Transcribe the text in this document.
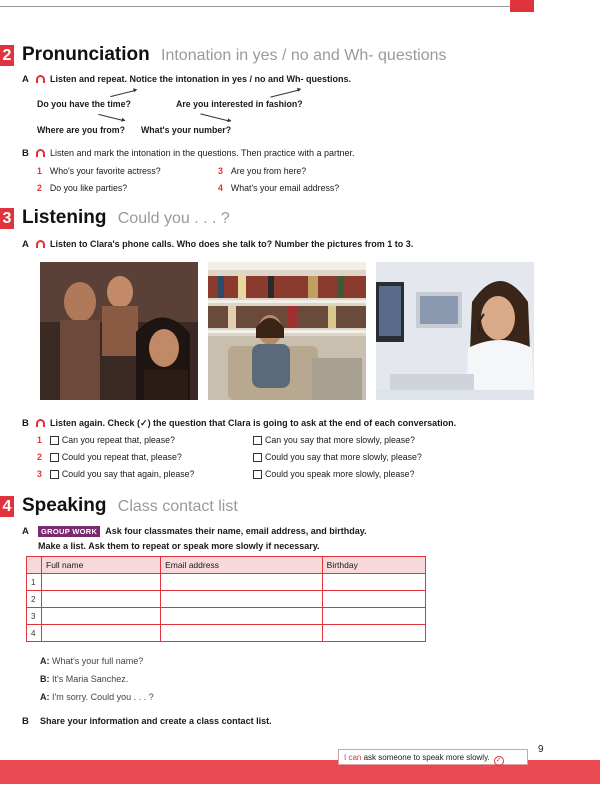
2 Pronunciation Intonation in yes / no and Wh- questions
A	Listen and repeat. Notice the intonation in yes / no and Wh- questions.
Do you have the time?	Are you interested in fashion?
Where are you from? What's your number?
B	Listen and mark the intonation in the questions. Then practice with a partner.
1 Who's your favorite actress?
2 Do you like parties?
3 Are you from here?
4 What's your email address?
3 Listening Could you . . . ?
A	Listen to Clara's phone calls. Who does she talk to? Number the pictures from 1 to 3.
B	Listen again. Check (✓) the question that Clara is going to ask at the end of each conversation.
1 Can you repeat that, please?	Can you say that more slowly, please?
2 Could you repeat that, please?	Could you say that more slowly, please?
3 Could you say that again, please?	Could you speak more slowly, please?
4 Speaking Class contact list
A	GROUP WORK Ask four classmates their name, email address, and birthday.
Make a list. Ask them to repeat or speak more slowly if necessary.
	Full name	Email address	Birthday
1			
2			
3			
4			
A: What's your full name?
B: It's Maria Sanchez.
A: I'm sorry. Could you . . . ?
B Share your information and create a class contact list.
I can ask someone to speak more slowly. ✓
9
